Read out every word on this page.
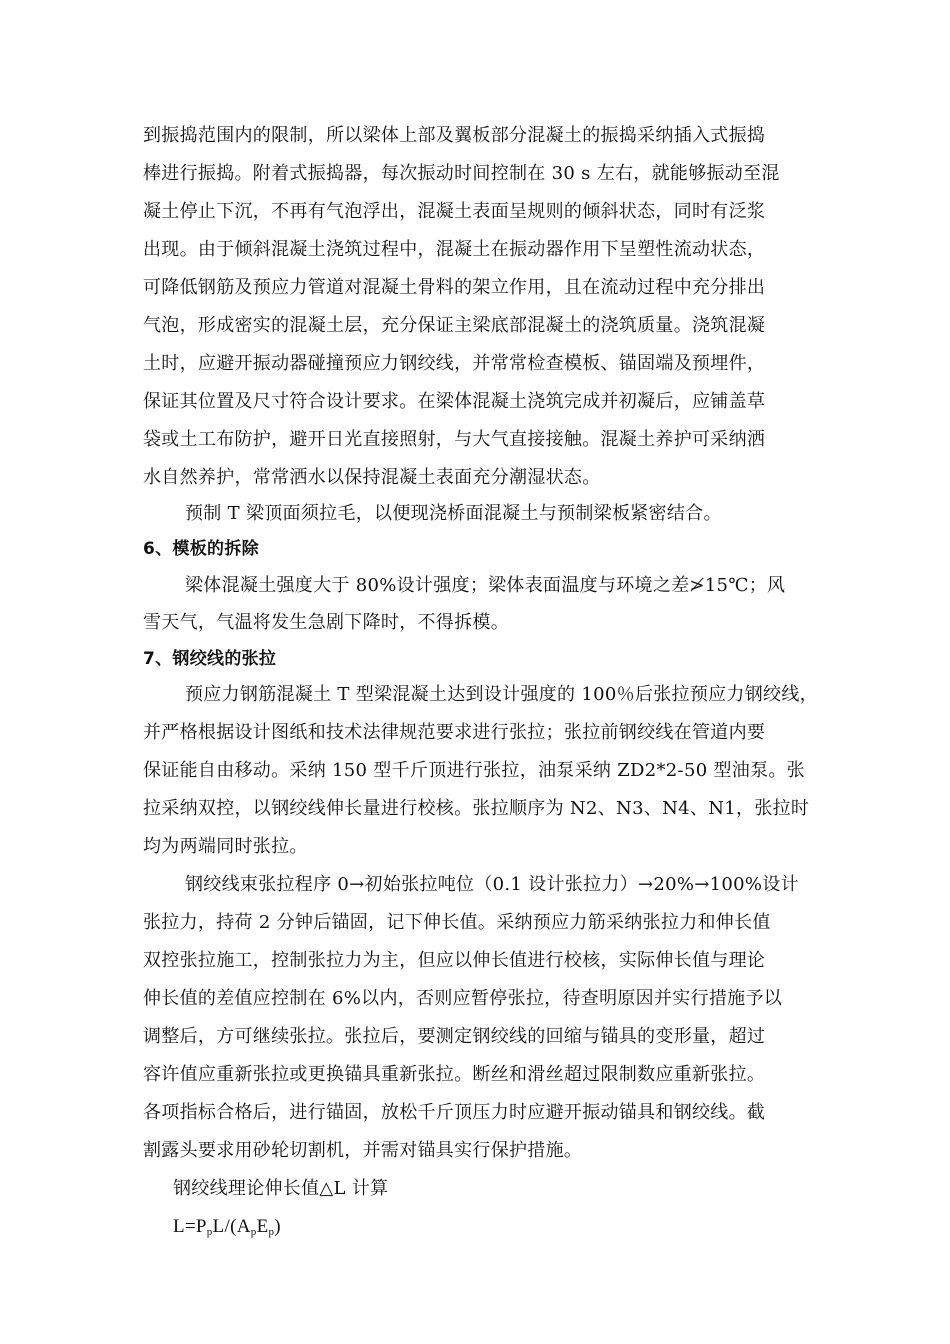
到振捣范围内的限制，所以梁体上部及翼板部分混凝土的振捣采纳插入式振捣
棒进行振捣。附着式振捣器，每次振动时间控制在 30 s 左右，就能够振动至混
凝土停止下沉，不再有气泡浮出，混凝土表面呈规则的倾斜状态，同时有泛浆
出现。由于倾斜混凝土浇筑过程中，混凝土在振动器作用下呈塑性流动状态，
可降低钢筋及预应力管道对混凝土骨料的架立作用，且在流动过程中充分排出
气泡，形成密实的混凝土层，充分保证主梁底部混凝土的浇筑质量。浇筑混凝
土时，应避开振动器碰撞预应力钢绞线，并常常检查模板、锚固端及预埋件，
保证其位置及尺寸符合设计要求。在梁体混凝土浇筑完成并初凝后，应铺盖草
袋或土工布防护，避开日光直接照射，与大气直接接触。混凝土养护可采纳洒
水自然养护，常常洒水以保持混凝土表面充分潮湿状态。
预制 T 梁顶面须拉毛，以便现浇桥面混凝土与预制梁板紧密结合。
6、模板的拆除
梁体混凝土强度大于 80%设计强度；梁体表面温度与环境之差≯15℃；风
雪天气，气温将发生急剧下降时，不得拆模。
7、钢绞线的张拉
预应力钢筋混凝土 T 型梁混凝土达到设计强度的 100％后张拉预应力钢绞线，
并严格根据设计图纸和技术法律规范要求进行张拉；张拉前钢绞线在管道内要
保证能自由移动。采纳 150 型千斤顶进行张拉，油泵采纳 ZD2*2-50 型油泵。张
拉采纳双控，以钢绞线伸长量进行校核。张拉顺序为 N2、N3、N4、N1，张拉时
均为两端同时张拉。
钢绞线束张拉程序 0→初始张拉吨位（0.1 设计张拉力）→20%→100%设计
张拉力，持荷 2 分钟后锚固，记下伸长值。采纳预应力筋采纳张拉力和伸长值
双控张拉施工，控制张拉力为主，但应以伸长值进行校核，实际伸长值与理论
伸长值的差值应控制在 6%以内，否则应暂停张拉，待查明原因并实行措施予以
调整后，方可继续张拉。张拉后，要测定钢绞线的回缩与锚具的变形量，超过
容许值应重新张拉或更换锚具重新张拉。断丝和滑丝超过限制数应重新张拉。
各项指标合格后，进行锚固，放松千斤顶压力时应避开振动锚具和钢绞线。截
割露头要求用砂轮切割机，并需对锚具实行保护措施。
钢绞线理论伸长值△L 计算
$L=P_pL/(A_pE_p)$
